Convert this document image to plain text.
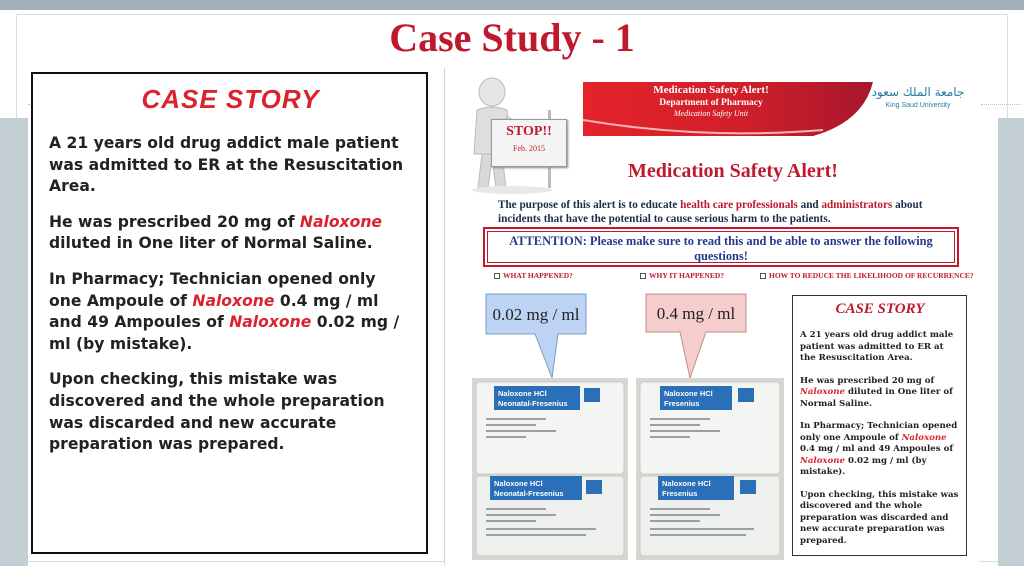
Case Study - 1
CASE STORY

A 21 years old drug addict male patient was admitted to ER at the Resuscitation Area.

He was prescribed 20 mg of Naloxone diluted in One liter of Normal Saline.

In Pharmacy; Technician opened only one Ampoule of Naloxone 0.4 mg / ml and 49 Ampoules of Naloxone 0.02 mg / ml (by mistake).

Upon checking, this mistake was discovered and the whole preparation was discarded and new accurate preparation was prepared.

STOP!!
Feb. 2015
Medication Safety Alert!
Department of Pharmacy
Medication Safety Unit
جامعة الملك سعود
King Saud University
Medication Safety Alert!
The purpose of this alert is to educate health care professionals and administrators about incidents that have the potential to cause serious harm to the patients.
ATTENTION: Please make sure to read this and be able to answer the following questions!
WHAT HAPPENED?	WHY IT HAPPENED?	HOW TO REDUCE THE LIKELIHOOD OF RECURRENCE?
0.02 mg / ml	0.4 mg / ml
Naloxone HCl
Neonatal-Fresenius
Naloxone HCl
Neonatal-Fresenius
Naloxone HCl
Fresenius
Naloxone HCl
Fresenius
CASE STORY

A 21 years old drug addict male patient was admitted to ER at the Resuscitation Area.

He was prescribed 20 mg of Naloxone diluted in One liter of Normal Saline.

In Pharmacy; Technician opened only one Ampoule of Naloxone 0.4 mg / ml and 49 Ampoules of Naloxone 0.02 mg / ml (by mistake).

Upon checking, this mistake was discovered and the whole preparation was discarded and new accurate preparation was prepared.
